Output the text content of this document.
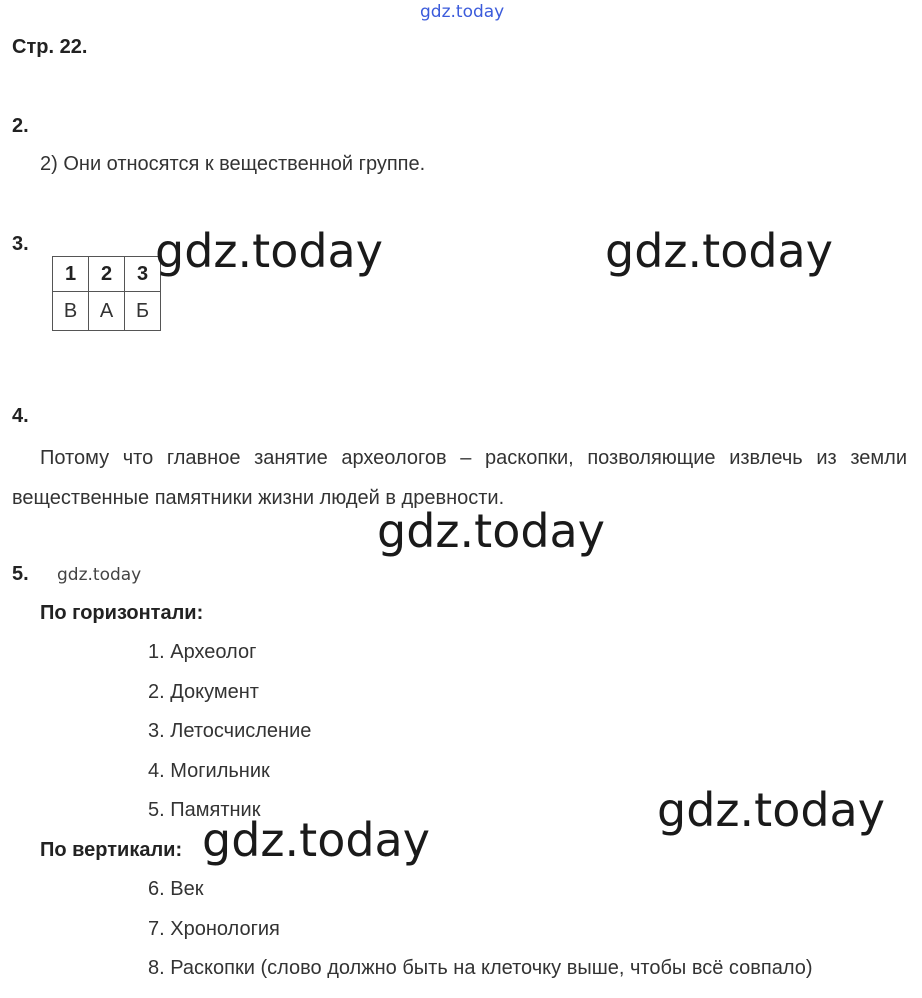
gdz.today
Стр. 22.
2.
2) Они относятся к вещественной группе.
3.
1	2	3
В	А	Б
gdz.today	gdz.today
4.
Потому что главное занятие археологов – раскопки, позволяющие извлечь из земли вещественные памятники жизни людей в древности.
gdz.today
5. gdz.today
По горизонтали:
1. Археолог
2. Документ
3. Летосчисление
4. Могильник
5. Памятник	gdz.today
По вертикали: gdz.today
6. Век
7. Хронология
8. Раскопки (слово должно быть на клеточку выше, чтобы всё совпало)
